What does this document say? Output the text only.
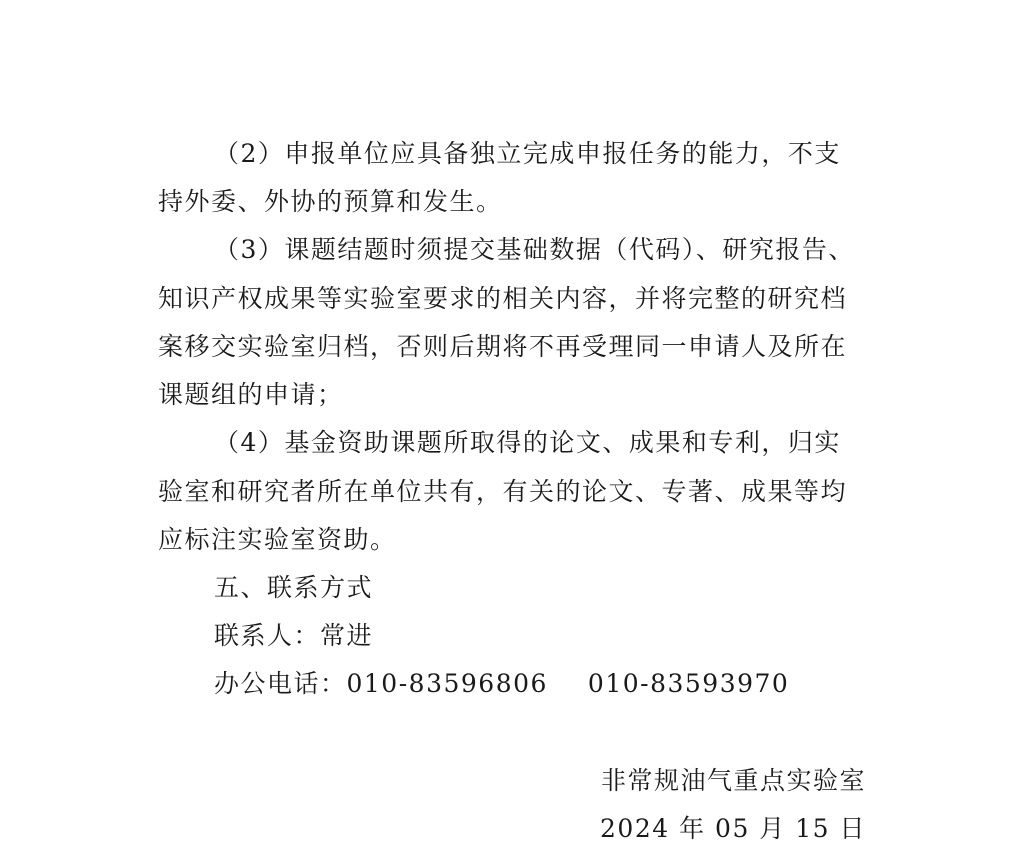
（2）申报单位应具备独立完成申报任务的能力，不支
持外委、外协的预算和发生。
（3）课题结题时须提交基础数据（代码）、研究报告、
知识产权成果等实验室要求的相关内容，并将完整的研究档
案移交实验室归档，否则后期将不再受理同一申请人及所在
课题组的申请；
（4）基金资助课题所取得的论文、成果和专利，归实
验室和研究者所在单位共有，有关的论文、专著、成果等均
应标注实验室资助。
五、联系方式
联系人：常进
办公电话：010-83596806 010-83593970
非常规油气重点实验室
2024 年 05 月 15 日
